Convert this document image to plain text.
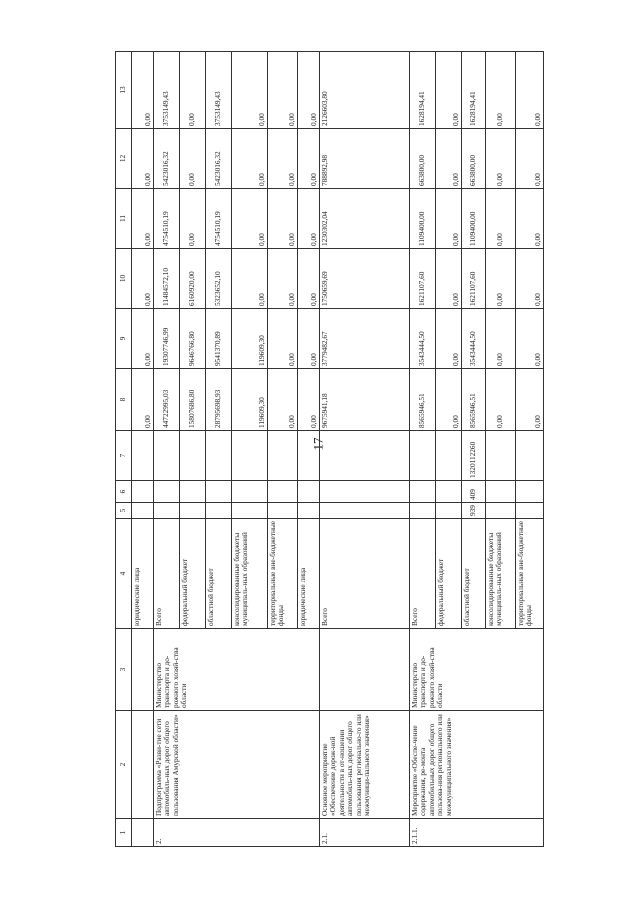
17
1	2	3	4	5	6	7	8	9	10	11	12	13
			юридические лица				0,00	0,00	0,00	0,00	0,00	0,00
2.	Подпрограмма «Разви-тие сети автомобиль-ных дорог общего пользования Амурской области»	Министерство транспорта и до-рожного хозяй-ства области	Всего				44722995,03	19307746,99	11484572,10	4754510,19	5423016,32	3753149,43
			федеральный бюджет				15807686,80	9646766,80	6160920,00	0,00	0,00	0,00
			областной бюджет				28795698,93	9541370,89	5323652,10	4754510,19	5423016,32	3753149,43
			консолидированные бюджеты муниципаль-ных образований				119609,30	119609,30	0,00	0,00	0,00	0,00
			территориальные вне-бюджетные фонды				0,00	0,00	0,00	0,00	0,00	0,00
			юридические лица				0,00	0,00	0,00	0,00	0,00	0,00
2.1.	Основное мероприятие «Обеспечение дорож-ной деятельности в от-ношении автомобиль-ных дорог общего пользования регионально-го или межмуници-пального значения»		Всего				9675941,18	3779482,67	1750659,69	1230302,04	788892,98	2126603,80
2.1.1.	Мероприятие «Обеспе-чение содержания, ре-монта автомобильных дорог общего пользова-ния регионального или межмуниципального значения»	Министерство транспорта и до-рожного хозяй-ства области	Всего				8565946,51	3543444,50	1621107,60	1109400,00	663800,00	1628194,41
			федеральный бюджет				0,00	0,00	0,00	0,00	0,00	0,00
			областной бюджет	939	409	1320112260	8565946,51	3543444,50	1621107,60	1109400,00	663800,00	1628194,41
			консолидированные бюджеты муниципаль-ных образований				0,00	0,00	0,00	0,00	0,00	0,00
			территориальные вне-бюджетные фонды				0,00	0,00	0,00	0,00	0,00	0,00
